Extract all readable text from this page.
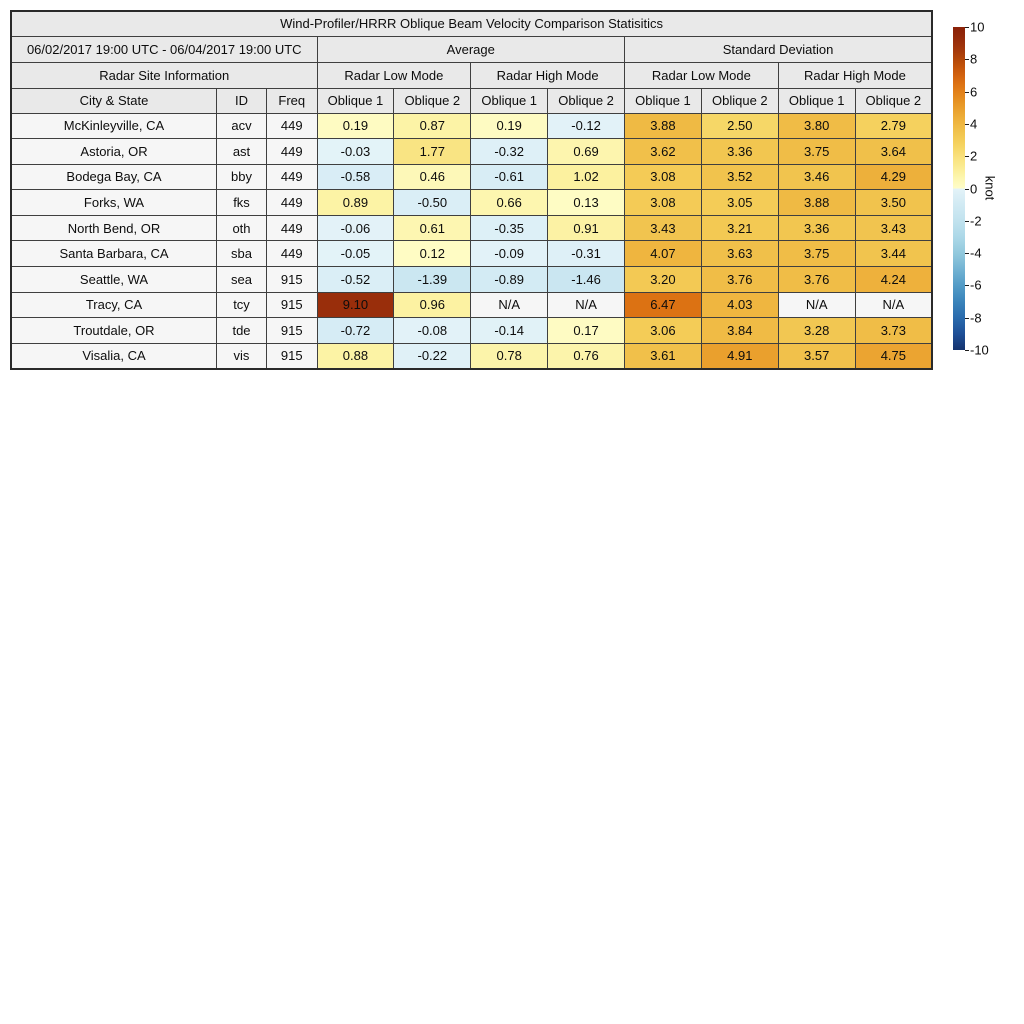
Wind-Profiler/HRRR Oblique Beam Velocity Comparison Statisitics										
06/02/2017 19:00 UTC - 06/04/2017 19:00 UTC			Average				Standard Deviation			
Radar Site Information			Radar Low Mode		Radar High Mode		Radar Low Mode		Radar High Mode	
City & State	ID	Freq	Oblique 1	Oblique 2	Oblique 1	Oblique 2	Oblique 1	Oblique 2	Oblique 1	Oblique 2
McKinleyville, CA	acv	449	0.19	0.87	0.19	-0.12	3.88	2.50	3.80	2.79
Astoria, OR	ast	449	-0.03	1.77	-0.32	0.69	3.62	3.36	3.75	3.64
Bodega Bay, CA	bby	449	-0.58	0.46	-0.61	1.02	3.08	3.52	3.46	4.29
Forks, WA	fks	449	0.89	-0.50	0.66	0.13	3.08	3.05	3.88	3.50
North Bend, OR	oth	449	-0.06	0.61	-0.35	0.91	3.43	3.21	3.36	3.43
Santa Barbara, CA	sba	449	-0.05	0.12	-0.09	-0.31	4.07	3.63	3.75	3.44
Seattle, WA	sea	915	-0.52	-1.39	-0.89	-1.46	3.20	3.76	3.76	4.24
Tracy, CA	tcy	915	9.10	0.96	N/A	N/A	6.47	4.03	N/A	N/A
Troutdale, OR	tde	915	-0.72	-0.08	-0.14	0.17	3.06	3.84	3.28	3.73
Visalia, CA	vis	915	0.88	-0.22	0.78	0.76	3.61	4.91	3.57	4.75
knot
10
8
6
4
2
0
-2
-4
-6
-8
-10
